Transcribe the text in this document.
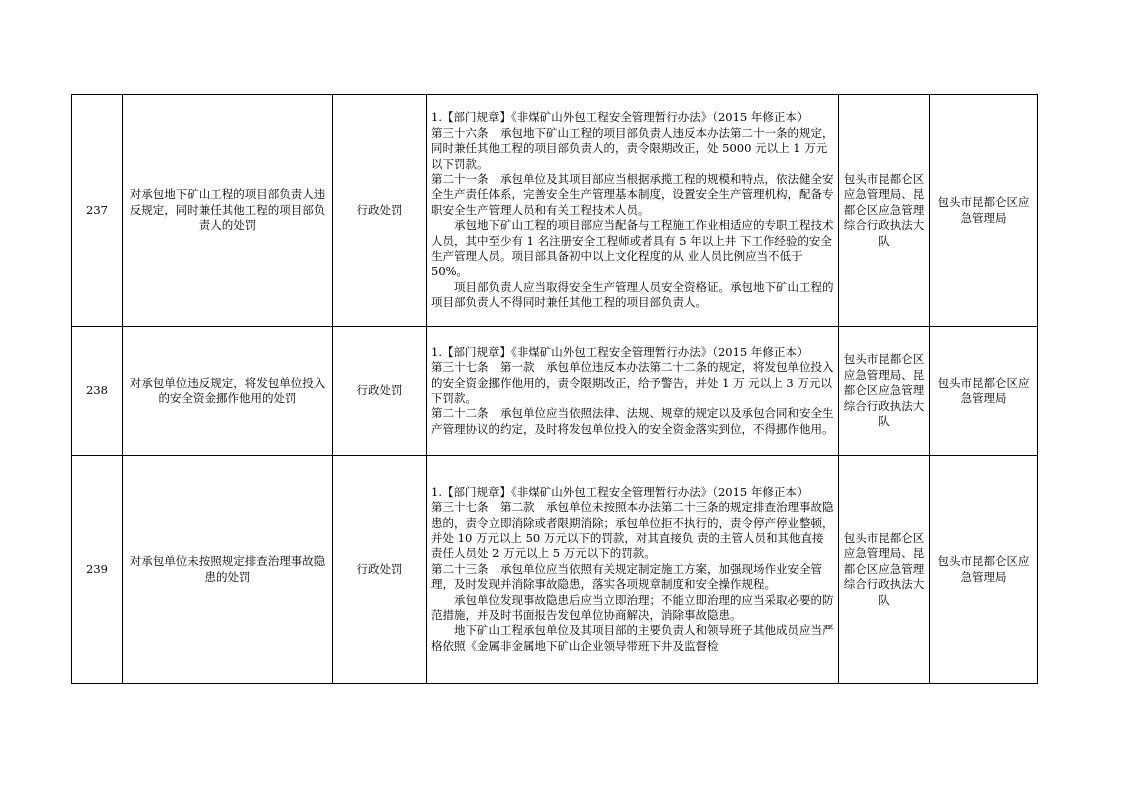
237	对承包地下矿山工程的项目部负责人违反规定，同时兼任其他工程的项目部负责人的处罚	行政处罚	1.【部门规章】《非煤矿山外包工程安全管理暂行办法》（2015 年修正本）

第三十六条　承包地下矿山工程的项目部负责人违反本办法第二十一条的规定，同时兼任其他工程的项目部负责人的，责令限期改正，处 5000 元以上 1 万元以下罚款。

第二十一条　承包单位及其项目部应当根据承揽工程的规模和特点，依法健全安全生产责任体系，完善安全生产管理基本制度，设置安全生产管理机构，配备专职安全生产管理人员和有关工程技术人员。

承包地下矿山工程的项目部应当配备与工程施工作业相适应的专职工程技术人员，其中至少有 1 名注册安全工程师或者具有 5 年以上井 下工作经验的安全生产管理人员。项目部具备初中以上文化程度的从 业人员比例应当不低于 50%。

项目部负责人应当取得安全生产管理人员安全资格证。承包地下矿山工程的项目部负责人不得同时兼任其他工程的项目部负责人。	包头市昆都仑区应急管理局、昆都仑区应急管理综合行政执法大队	包头市昆都仑区应急管理局
238	对承包单位违反规定，将发包单位投入的安全资金挪作他用的处罚	行政处罚	1.【部门规章】《非煤矿山外包工程安全管理暂行办法》（2015 年修正本）

第三十七条　第一款　承包单位违反本办法第二十二条的规定，将发包单位投入的安全资金挪作他用的，责令限期改正，给予警告，并处 1 万 元以上 3 万元以下罚款。

第二十二条　承包单位应当依照法律、法规、规章的规定以及承包合同和安全生产管理协议的约定，及时将发包单位投入的安全资金落实到位，不得挪作他用。	包头市昆都仑区应急管理局、昆都仑区应急管理综合行政执法大队	包头市昆都仑区应急管理局
239	对承包单位未按照规定排查治理事故隐患的处罚	行政处罚	1.【部门规章】《非煤矿山外包工程安全管理暂行办法》（2015 年修正本）

第三十七条　第二款　承包单位未按照本办法第二十三条的规定排查治理事故隐患的，责令立即消除或者限期消除；承包单位拒不执行的，责令停产停业整顿，并处 10 万元以上 50 万元以下的罚款，对其直接负 责的主管人员和其他直接责任人员处 2 万元以上 5 万元以下的罚款。

第二十三条　承包单位应当依照有关规定制定施工方案，加强现场作业安全管理，及时发现并消除事故隐患，落实各项规章制度和安全操作规程。

承包单位发现事故隐患后应当立即治理；不能立即治理的应当采取必要的防范措施，并及时书面报告发包单位协商解决，消除事故隐患。

地下矿山工程承包单位及其项目部的主要负责人和领导班子其他成员应当严格依照《金属非金属地下矿山企业领导带班下井及监督检	包头市昆都仑区应急管理局、昆都仑区应急管理综合行政执法大队	包头市昆都仑区应急管理局
